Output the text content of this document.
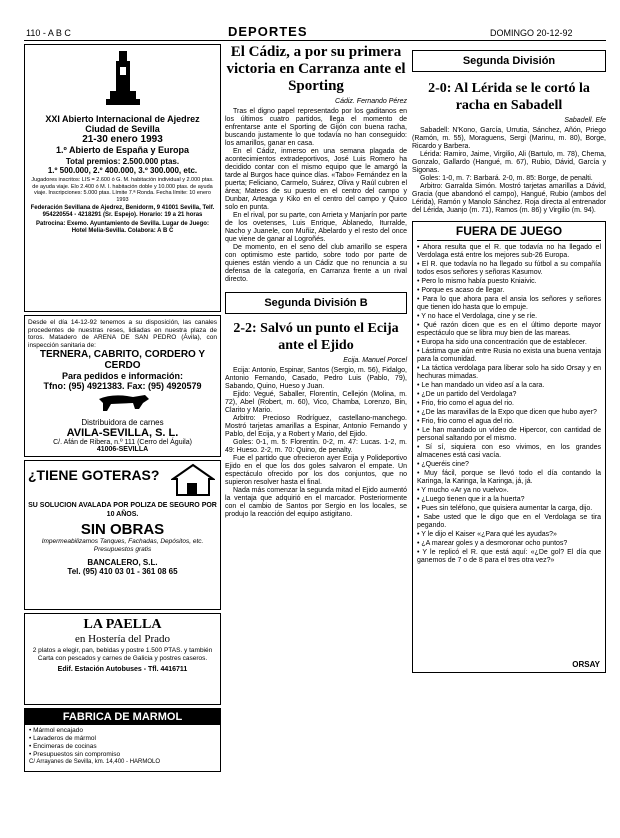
110 - A B C	DEPORTES	DOMINGO 20-12-92
XXI Abierto Internacional de Ajedrez
Ciudad de Sevilla
21-30 enero 1993
1.º Abierto de España y Europa
Total premios: 2.500.000 ptas.
1.º 500.000, 2.º 400.000, 3.º 300.000, etc.
Jugadores inscritos: LIS = 2.600 ó G. M. habitación individual y 2.000 ptas. de ayuda viaje. Elo 2.400 ó M. I. habitación doble y 10.000 ptas. de ayuda viaje. Inscripciones: 5.000 ptas. Límite 7.ª Ronda. Fecha límite: 10 enero 1993
Federación Sevillana de Ajedrez, Benidorm, 9 41001 Sevilla, Telf. 954220554 - 4218291 (Sr. Espejo). Horario: 19 a 21 horas
Patrocina: Exemo. Ayuntamiento de Sevilla. Lugar de Juego: Hotel Melia-Sevilla. Colabora: A B C
Desde el día 14-12-92 tenemos a su disposición, las canales procedentes de nuestras reses, lidiadas en nuestra plaza de toros. Matadero de ARENA DE SAN PEDRO (Ávila), con inspección sanitaria de:
TERNERA, CABRITO, CORDERO Y CERDO
Para pedidos e información:
Tfno: (95) 4921383. Fax: (95) 4920579
Distribuidora de carnes
AVILA-SEVILLA, S. L.
C/. Afán de Ribera, n.º 111 (Cerro del Águila)
41006-SEVILLA
¿TIENE GOTERAS?
SU SOLUCION AVALADA POR POLIZA DE SEGURO POR 10 AÑOS.
SIN OBRAS
Impermeabilizamos Tanques, Fachadas, Depósitos, etc. Presupuestos gratis
BANCALERO, S.L.
Tel. (95) 410 03 01 - 361 08 65
LA PAELLA
en Hostería del Prado
2 platos a elegir, pan, bebidas y postre 1.500 PTAS. y también Carta con pescados y carnes de Galicia y postres caseros.
Edif. Estación Autobuses - Tfl. 4416711
FABRICA DE MARMOL
• Mármol encajado
• Lavaderos de mármol
• Encimeras de cocinas
• Presupuestos sin compromiso
C/ Arrayanes de Sevilla, km. 14,400 - HARMOLO
El Cádiz, a por su primera victoria en Carranza ante el Sporting
Cádiz. Fernando Pérez

Tras el digno papel representado por los gaditanos en los últimos cuatro partidos, llega el momento de enfrentarse ante el Sporting de Gijón con buena racha, buscando justamente lo que todavía no han conseguido: los amarillos, ganar en casa.

En el Cádiz, inmerso en una semana plagada de acontecimientos extradeportivos, José Luis Romero ha decidido contar con el mismo equipo que le amargó la tarde al Burgos hace quince días. «Tabo» Fernández en la puerta; Feliciano, Carmelo, Suárez, Oliva y Raúl cubren el área; Mateos de su puesto en el centro del campo y Dunbar, Arteaga y Kiko en el centro del campo y Quico solo en punta.

En el rival, por su parte, con Arrieta y Manjarín por parte de los ovetenses, Luis Enrique, Ablanedo, Iturralde, Nacho y Juanele, con Muñiz, Abelardo y el resto del once que viene de ganar al Logroñés.

De momento, en el seno del club amarillo se espera con optimismo este partido, sobre todo por parte de quienes están viendo a un Cádiz que no renuncia a su defensa de la categoría, en Carranza frente a un rival directo.

Segunda División B
2-2: Salvó un punto el Ecija ante el Ejido
Ecija. Manuel Porcel

Ecija: Antonio, Espinar, Santos (Sergio, m. 56), Fidalgo, Antonio Fernando, Casado, Pedro Luis (Pablo, 79), Sabando, Quino, Hueso y Juan.

Ejido: Vegué, Saballer, Florentín, Cellejón (Molina, m. 72), Abel (Robert, m. 60), Vico, Chamba, Lorenzo, Bin, Clarito y Mario.

Arbitro: Precioso Rodríguez, castellano-manchego. Mostró tarjetas amarillas a Espinar, Antonio Fernando y Pablo, del Ecija, y a Robert y Mario, del Ejido.

Goles: 0-1, m. 5: Florentín. 0-2, m. 47: Lucas. 1-2, m. 49: Hueso. 2-2, m. 70: Quino, de penalty.

Fue el partido que ofrecieron ayer Ecija y Polideportivo Ejido en el que los dos goles salvaron el empate. Un espectáculo ofrecido por los dos conjuntos, que no supieron resolver hasta el final.

Nada más comenzar la segunda mitad el Ejido aumentó la ventaja que adquirió en el marcador. Posteriormente con el cambio de Santos por Sergio en los locales, se produjo la reacción del equipo astigitano.

Segunda División
2-0: Al Lérida se le cortó la racha en Sabadell
Sabadell. Efe

Sabadell: N'Kono, García, Urrutia, Sánchez, Añón, Priego (Ramón, m. 55), Moraguens, Sergi (Marinu, m. 80), Borge, Ricardo y Barbera.

Lérida: Ramiro, Jaime, Virgilio, Ali (Bartulo, m. 78), Chema, Gonzalo, Gallardo (Hangué, m. 67), Rubio, Dávid, García y Sigonas.

Goles: 1-0, m. 7: Barbará. 2-0, m. 85: Borge, de penalti.

Arbitro: Garralda Simón. Mostró tarjetas amarillas a Dávid, Gracia (que abandonó el campo), Hangué, Rubio (ambos del Lérida), Ramón y Manolo Sánchez. Roja directa al entrenador del Lérida, Juanjo (m. 71), Ramos (m. 86) y Virgilio (m. 94).

FUERA DE JUEGO
• Ahora resulta que el R. que todavía no ha llegado el Verdolaga está entre los mejores sub-26 Europa.
• El R. que todavía no ha llegado su fútbol a su compañía todos esos señores y señoras Kasumov.
• Pero lo mismo había puesto Kniaivic.
• Porque es acaso de llegar.
• Para lo que ahora para el ansia los señores y señores que tienen ido hasta que lo empuje.
• Y no hace el Verdolaga, cine y se ríe.
• Qué razón dicen que es en el último deporte mayor espectáculo que se libra muy bien de las mareas.
• Europa ha sido una concentración que de establecer.
• Lástima que aún entre Rusia no exista una buena ventaja para la comunidad.
• La táctica verdolaga para liberar solo ha sido Orsay y en hechuras mimadas.
• Le han mandado un video así a la cara.
• ¿De un partido del Verdolaga?
• Frio, frio como el agua del rio.
• ¿De las maravillas de la Expo que dicen que hubo ayer?
• Frio, frio como el agua del rio.
• Le han mandado un vídeo de Hipercor, con cantidad de personal saltando por el mismo.
• Sí sí, siquiera con eso vivimos, en los grandes almacenes está casi vacía.
• ¿Queréis cine?
• Muy fácil, porque se llevó todo el día contando la Karinga, la Karinga, la Karinga, já, já.
• Y mucho «Ar ya no vuelvo».
• ¿Luego tienen que ir a la huerta?
• Pues sin teléfono, que quisiera aumentar la carga, dijo.
• Sabe usted que le digo que en el Verdolaga se tira pegando.
• Y le dijo el Kaiser «¿Para qué les ayudas?»
• ¿A marear goles y a desmoronar ocho puntos?
• Y le replicó el R. que está aquí: «¿De gol? El día que ganemos de 7 o de 8 para el tres otra vez?»
ORSAY
